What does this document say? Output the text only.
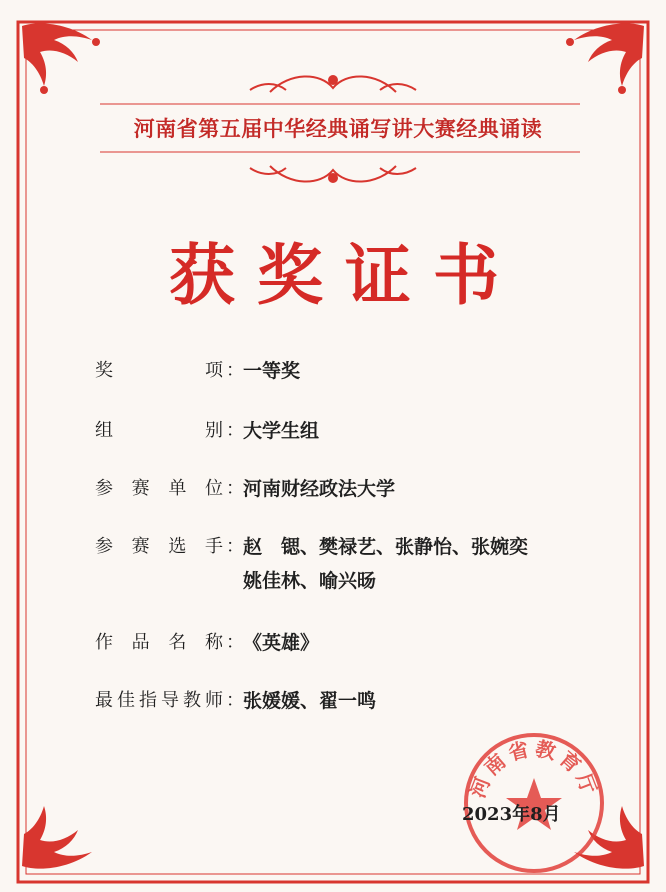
河南省第五届中华经典诵写讲大赛经典诵读
获奖证书
奖	项 ： 一等奖
组	别 ： 大学生组
参 赛 单 位 ： 河南财经政法大学
参 赛 选 手 ： 赵　锶、樊禄艺、张静怡、张婉奕
姚佳林、喻兴旸
作 品 名 称 ： 《英雄》
最 佳 指 导 教 师 ： 张媛媛、翟一鸣
河南省教育厅
2023年8月
